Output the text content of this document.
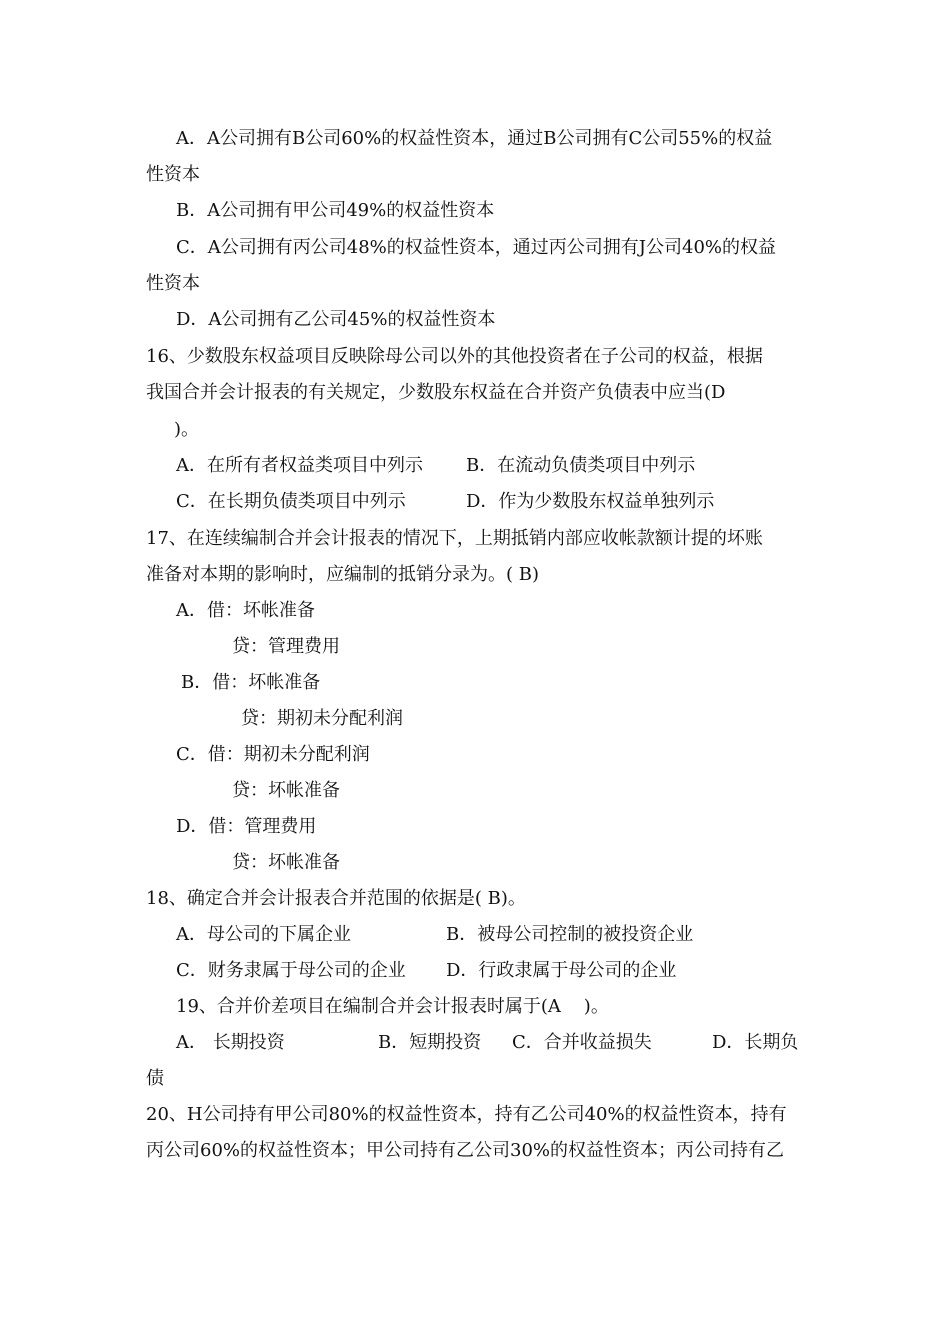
A．A公司拥有B公司60%的权益性资本，通过B公司拥有C公司55%的权益
性资本
B．A公司拥有甲公司49%的权益性资本
C．A公司拥有丙公司48%的权益性资本，通过丙公司拥有J公司40%的权益
性资本
D．A公司拥有乙公司45%的权益性资本
16、少数股东权益项目反映除母公司以外的其他投资者在子公司的权益，根据
我国合并会计报表的有关规定，少数股东权益在合并资产负债表中应当(D
)。
A．在所有者权益类项目中列示 B．在流动负债类项目中列示
C．在长期负债类项目中列示	D．作为少数股东权益单独列示
17、在连续编制合并会计报表的情况下，上期抵销内部应收帐款额计提的坏账
准备对本期的影响时，应编制的抵销分录为。( B)
A．借：坏帐准备
贷：管理费用
B．借：坏帐准备
贷：期初未分配利润
C．借：期初未分配利润
贷：坏帐准备
D．借：管理费用
贷：坏帐准备
18、确定合并会计报表合并范围的依据是( B)。
A．母公司的下属企业	B．被母公司控制的被投资企业
C．财务隶属于母公司的企业 D．行政隶属于母公司的企业
19、合并价差项目在编制合并会计报表时属于(A    )。
A． 长期投资	B．短期投资 C．合并收益损失	D．长期负
债
20、H公司持有甲公司80%的权益性资本，持有乙公司40%的权益性资本，持有
丙公司60%的权益性资本；甲公司持有乙公司30%的权益性资本；丙公司持有乙
